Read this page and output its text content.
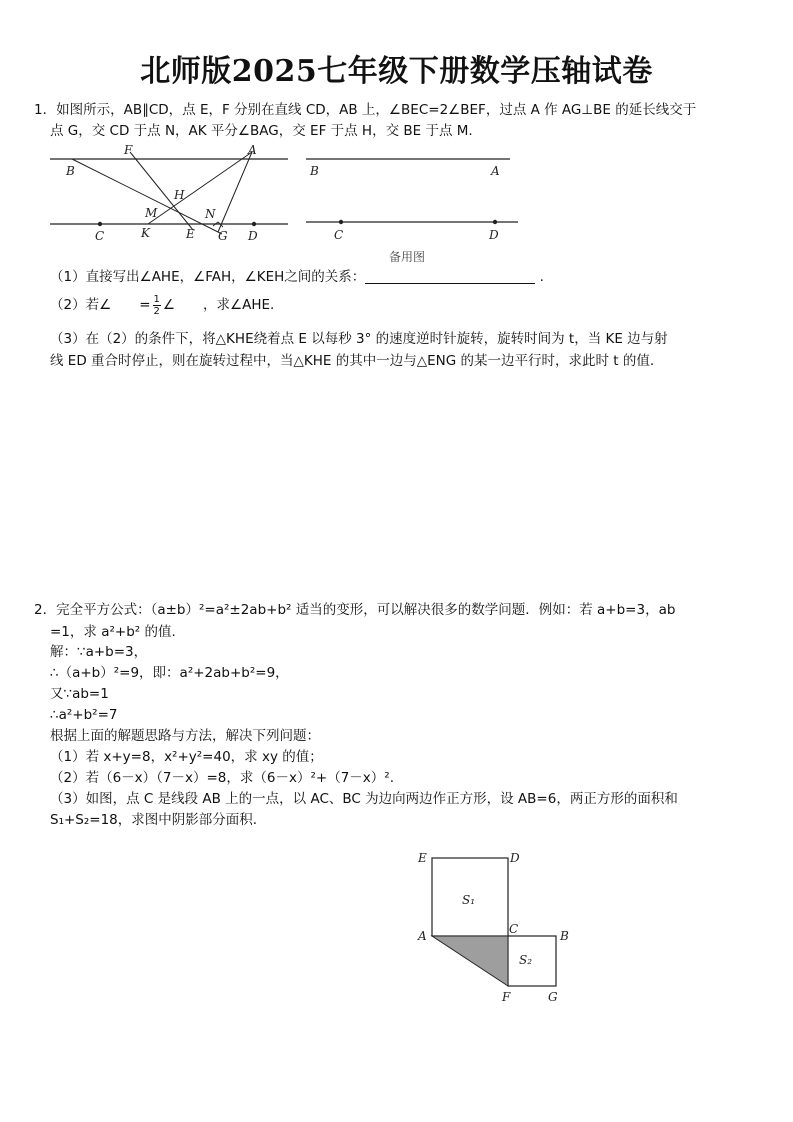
北师版2025七年级下册数学压轴试卷
1．如图所示，AB∥CD，点 E，F 分别在直线 CD，AB 上，∠BEC=2∠BEF，过点 A 作 AG⊥BE 的延长线交于
点 G，交 CD 于点 N，AK 平分∠BAG，交 EF 于点 H，交 BE 于点 M.
F	A
B
H
M	N
C	K	E G D
B	A
C	D
备用图
（1）直接写出∠AHE，∠FAH，∠KEH之间的关系：	.
（2）若∠ = $\frac{1}{2}$ ∠ ，求∠AHE.
（3）在（2）的条件下，将△KHE绕着点 E 以每秒 3° 的速度逆时针旋转，旋转时间为 t，当 KE 边与射
线 ED 重合时停止，则在旋转过程中，当△KHE 的其中一边与△ENG 的某一边平行时，求此时 t 的值.
2．完全平方公式：（a±b）²=a²±2ab+b² 适当的变形，可以解决很多的数学问题．例如：若 a+b=3，ab
=1，求 a²+b² 的值.
解：∵a+b=3，
∴（a+b）²=9，即：a²+2ab+b²=9，
又∵ab=1
∴a²+b²=7
根据上面的解题思路与方法，解决下列问题：
（1）若 x+y=8，x²+y²=40，求 xy 的值；
（2）若（6－x）（7－x）=8，求（6－x）²+（7－x）².
（3）如图，点 C 是线段 AB 上的一点，以 AC、BC 为边向两边作正方形，设 AB=6，两正方形的面积和
S₁+S₂=18，求图中阴影部分面积.
E	D
S₁
A	C	B
S₂
F	G
